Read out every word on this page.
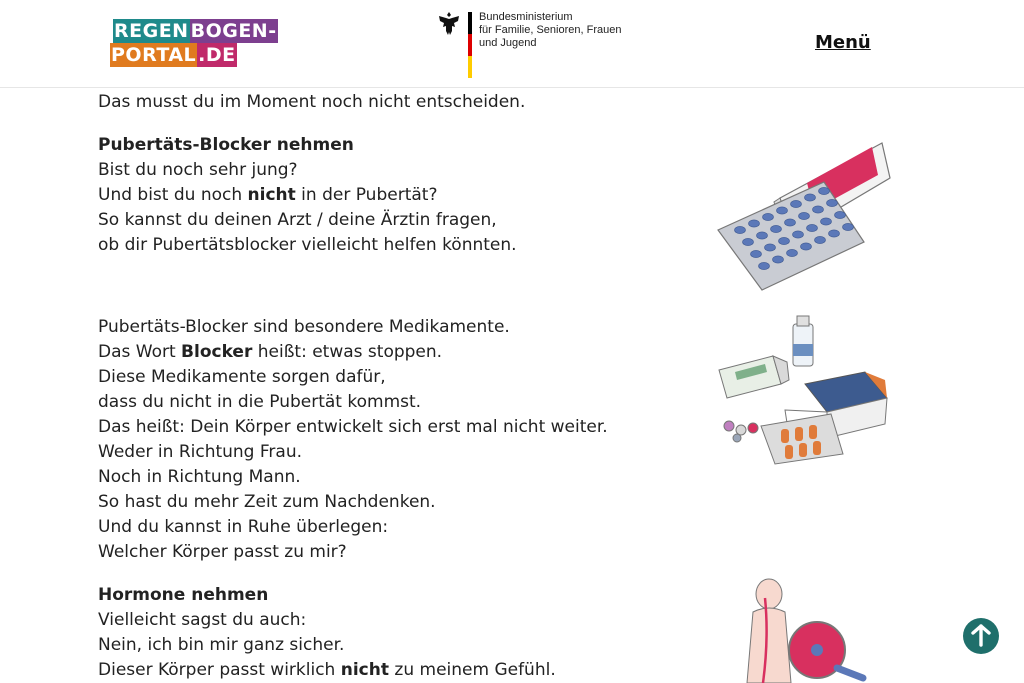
REGEN BOGEN-
PORTAL .DE
Bundesministerium
für Familie, Senioren, Frauen
und Jugend	Menü

Das musst du im Moment noch nicht entscheiden.

Pubertäts-Blocker nehmen

Bist du noch sehr jung?

Und bist du noch nicht in der Pubertät?

So kannst du deinen Arzt / deine Ärztin fragen,

ob dir Pubertätsblocker vielleicht helfen könnten.

Pubertäts-Blocker sind besondere Medikamente.

Das Wort Blocker heißt: etwas stoppen.

Diese Medikamente sorgen dafür,

dass du nicht in die Pubertät kommst.

Das heißt: Dein Körper entwickelt sich erst mal nicht weiter.

Weder in Richtung Frau.

Noch in Richtung Mann.

So hast du mehr Zeit zum Nachdenken.

Und du kannst in Ruhe überlegen:

Welcher Körper passt zu mir?

Hormone nehmen

Vielleicht sagst du auch:

Nein, ich bin mir ganz sicher.

Dieser Körper passt wirklich nicht zu meinem Gefühl.
